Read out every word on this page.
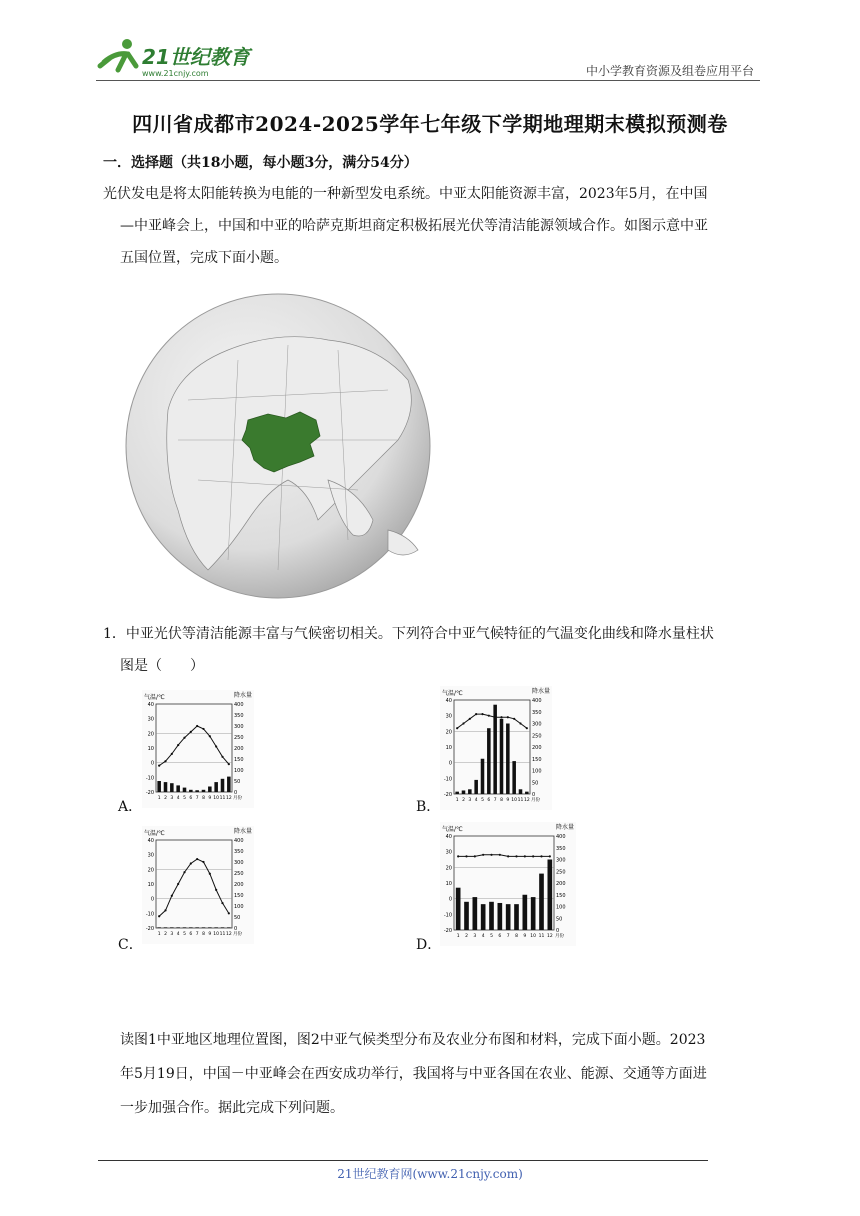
21世纪教育
www.21cnjy.com	中小学教育资源及组卷应用平台
四川省成都市2024-2025学年七年级下学期地理期末模拟预测卷
一．选择题（共18小题，每小题3分，满分54分）
光伏发电是将太阳能转换为电能的一种新型发电系统。中亚太阳能资源丰富，2023年5月，在中国
—中亚峰会上，中国和中亚的哈萨克斯坦商定积极拓展光伏等清洁能源领域合作。如图示意中亚
五国位置，完成下面小题。
1．中亚光伏等清洁能源丰富与气候密切相关。下列符合中亚气候特征的气温变化曲线和降水量柱状
图是（　　）
A．	B．
C．	D．
气温/℃	降水量
-20
-10
0
10
20
30
40
0
50
100
150
200
250
300
350
400
1 2 3 4 5 6 7 8 9 10 11 12 月份
气温/℃	降水量
-20
-10
0
10
20
30
40
0
50
100
150
200
250
300
350
400
1 2 3 4 5 6 7 8 9 10 11 12 月份
气温/℃	降水量
-20
-10
0
10
20
30
40
0
50
100
150
200
250
300
350
400
1 2 3 4 5 6 7 8 9 10 11 12 月份
气温/℃	降水量
-20
-10
0
10
20
30
40
0
50
100
150
200
250
300
350
400
1 2 3 4 5 6 7 8 9 10 11 12 月份
读图1中亚地区地理位置图，图2中亚气候类型分布及农业分布图和材料，完成下面小题。2023
年5月19日，中国－中亚峰会在西安成功举行，我国将与中亚各国在农业、能源、交通等方面进
一步加强合作。据此完成下列问题。
21世纪教育网(www.21cnjy.com)
